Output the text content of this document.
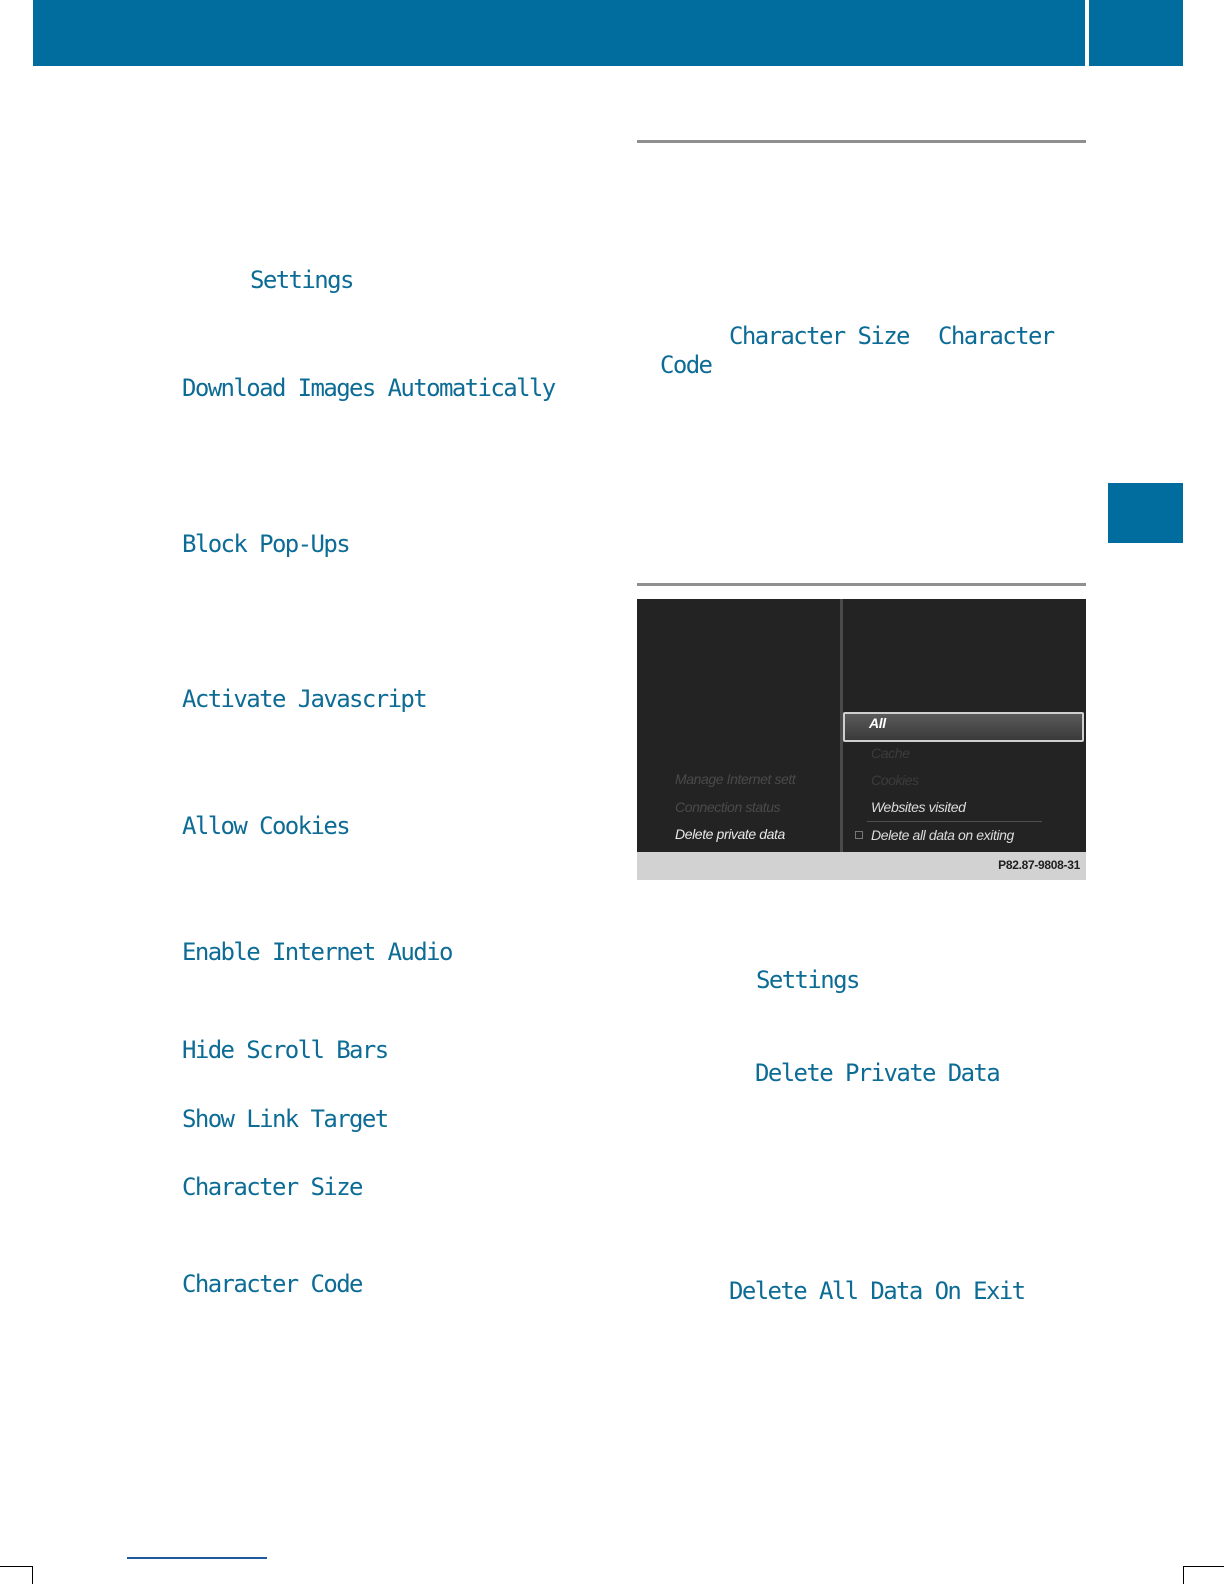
Settings
Download Images Automatically
Block Pop-Ups
Activate Javascript
Allow Cookies
Enable Internet Audio
Hide Scroll Bars
Show Link Target
Character Size
Character Code
Character Size Character
Code
Manage Internet sett
Connection status
Delete private data
All
Cache
Cookies
Websites visited
Delete all data on exiting
P82.87-9808-31
Settings
Delete Private Data
Delete All Data On Exit
